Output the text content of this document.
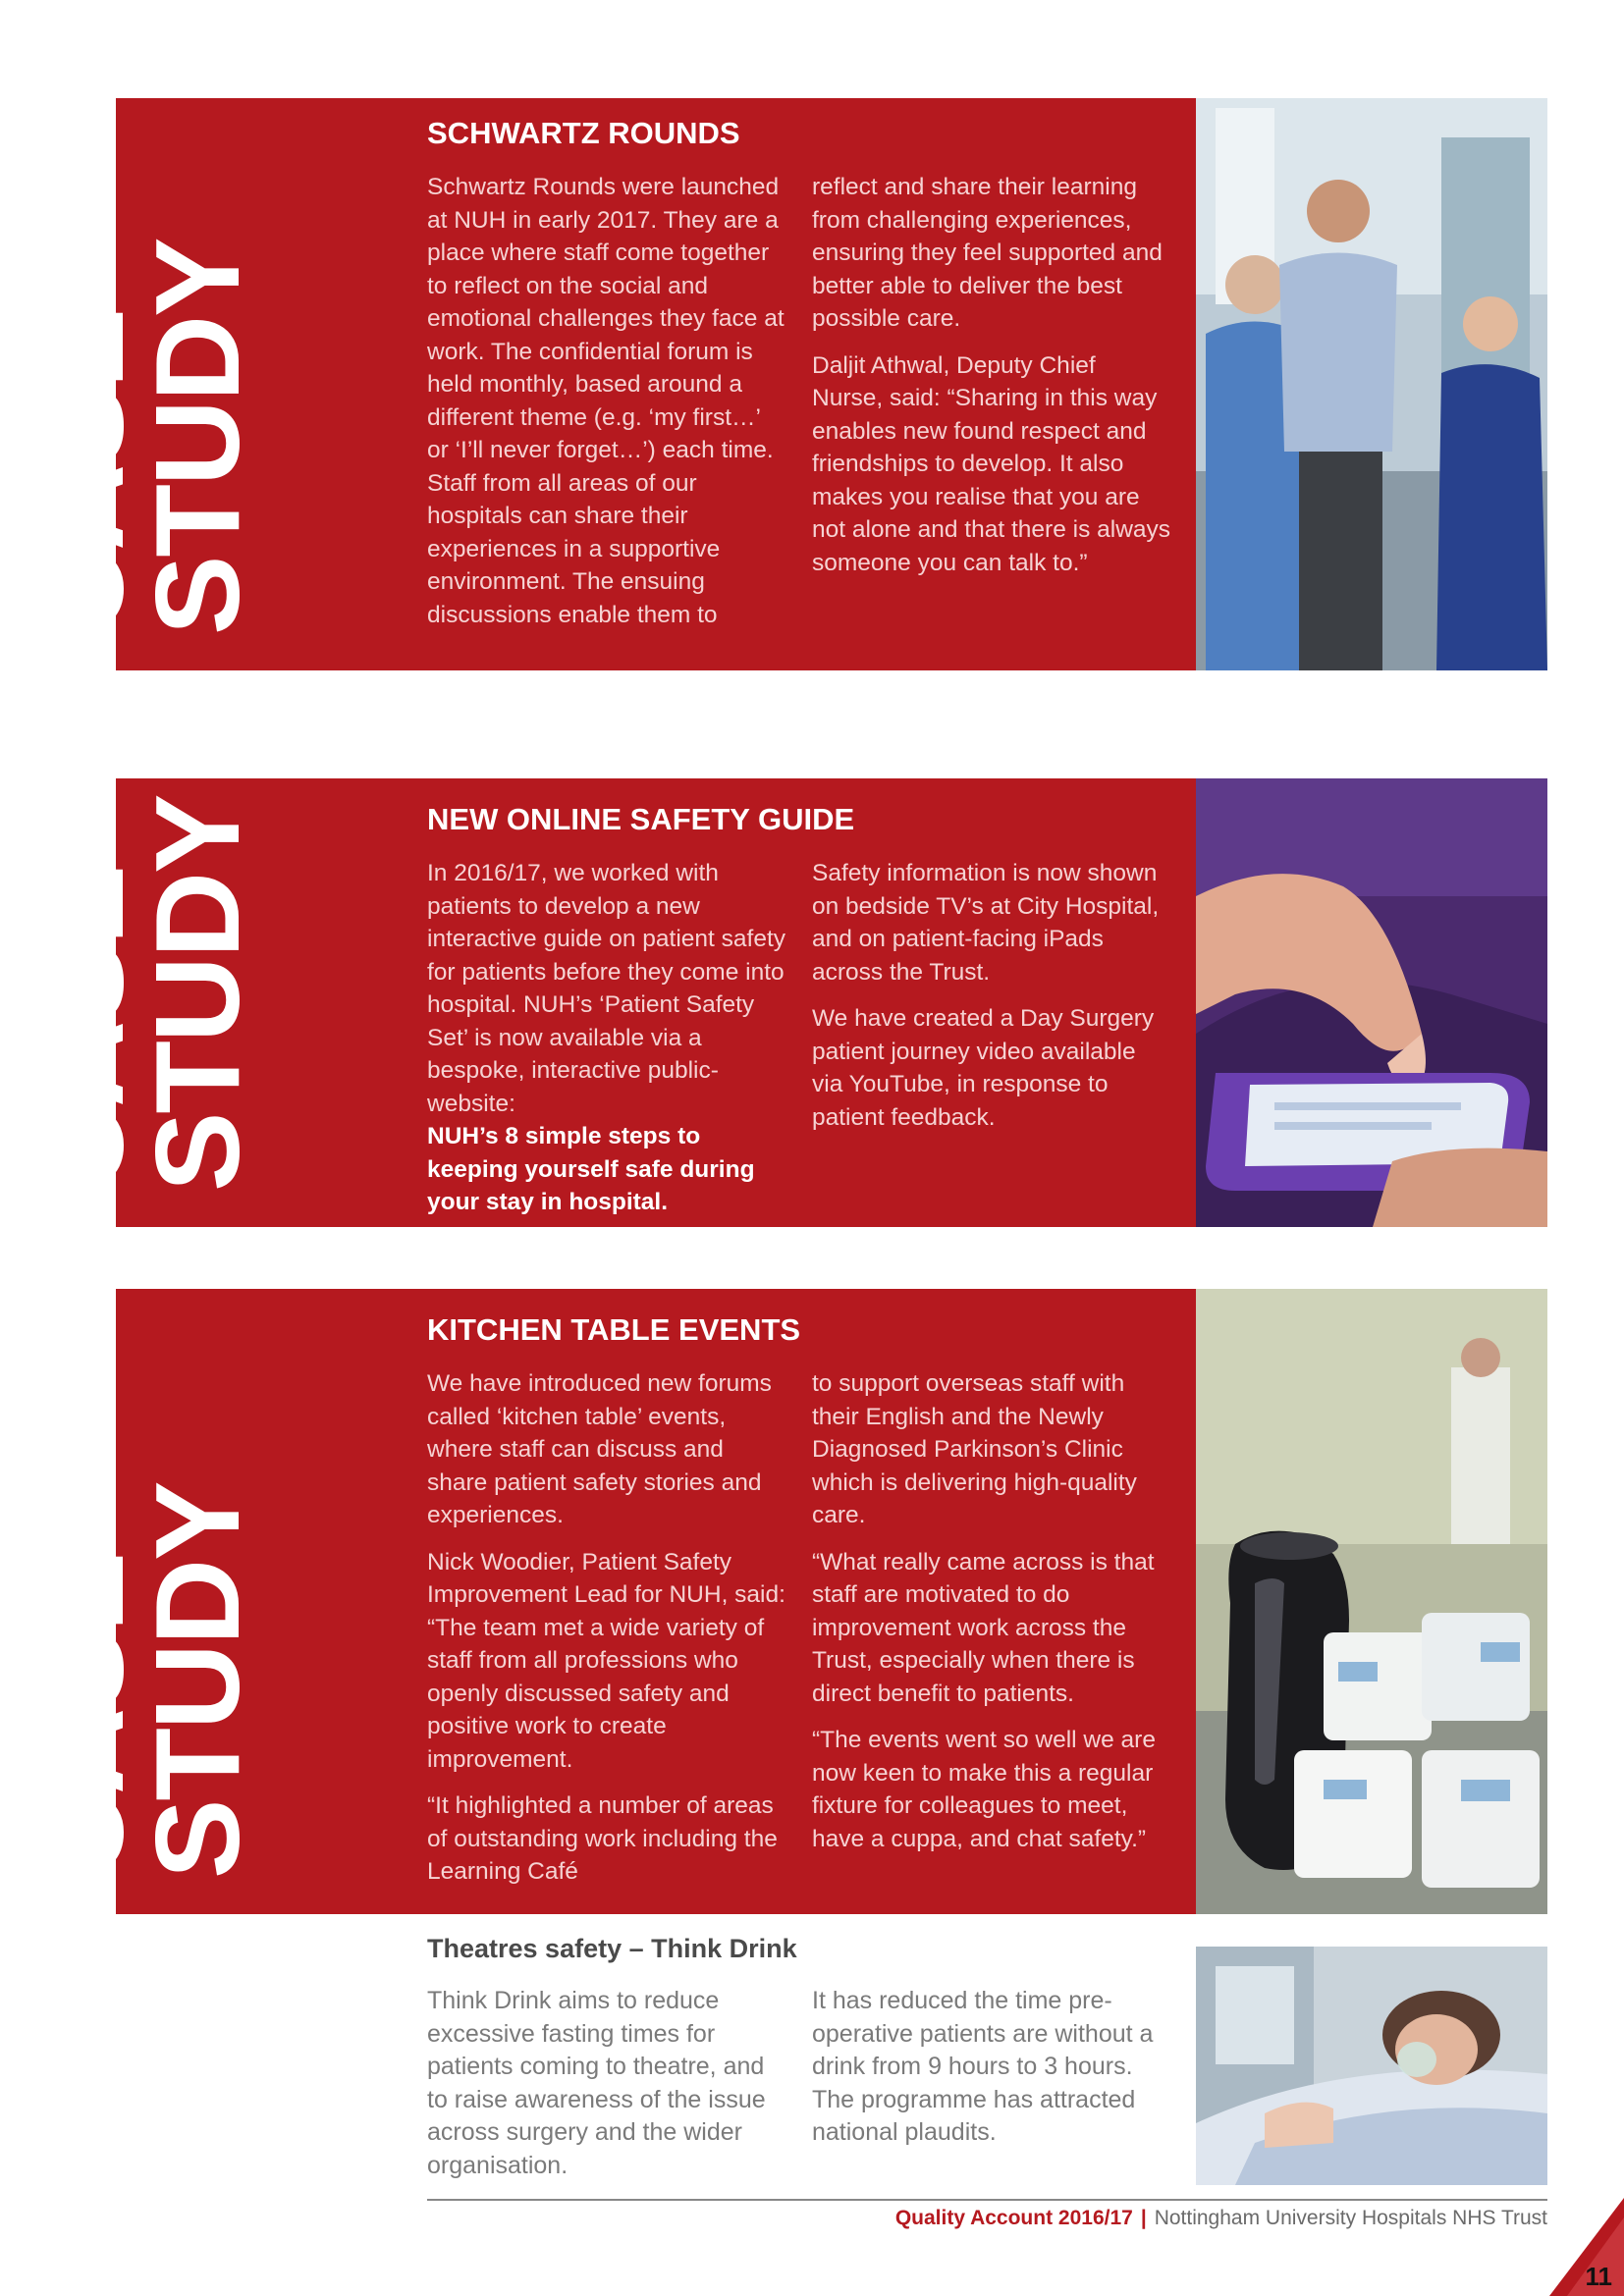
CASE
STUDY
SCHWARTZ ROUNDS

Schwartz Rounds were launched at NUH in early 2017. They are a place where staff come together to reflect on the social and emotional challenges they face at work. The confidential forum is held monthly, based around a different theme (e.g. ‘my first…’ or ‘I’ll never forget…’) each time. Staff from all areas of our hospitals can share their experiences in a supportive environment. The ensuing discussions enable them to

reflect and share their learning from challenging experiences, ensuring they feel supported and better able to deliver the best possible care.

Daljit Athwal, Deputy Chief Nurse, said: “Sharing in this way enables new found respect and friendships to develop. It also makes you realise that you are not alone and that there is always someone you can talk to.”

CASE
STUDY	NEW ONLINE SAFETY GUIDE

In 2016/17, we worked with patients to develop a new interactive guide on patient safety for patients before they come into hospital. NUH’s ‘Patient Safety Set’ is now available via a bespoke, interactive public-website:

NUH’s 8 simple steps to keeping yourself safe during your stay in hospital.

Safety information is now shown on bedside TV’s at City Hospital, and on patient-facing iPads across the Trust.

We have created a Day Surgery patient journey video available via YouTube, in response to patient feedback.

CASE
STUDY
KITCHEN TABLE EVENTS

We have introduced new forums called ‘kitchen table’ events, where staff can discuss and share patient safety stories and experiences.

Nick Woodier, Patient Safety Improvement Lead for NUH, said: “The team met a wide variety of staff from all professions who openly discussed safety and positive work to create improvement.

“It highlighted a number of areas of outstanding work including the Learning Café

to support overseas staff with their English and the Newly Diagnosed Parkinson’s Clinic which is delivering high-quality care.

“What really came across is that staff are motivated to do improvement work across the Trust, especially when there is direct benefit to patients.

“The events went so well we are now keen to make this a regular fixture for colleagues to meet, have a cuppa, and chat safety.”

Theatres safety – Think Drink

Think Drink aims to reduce excessive fasting times for patients coming to theatre, and to raise awareness of the issue across surgery and the wider organisation.

It has reduced the time pre-operative patients are without a drink from 9 hours to 3 hours. The programme has attracted national plaudits.

Quality Account 2016/17 | Nottingham University Hospitals NHS Trust
11
